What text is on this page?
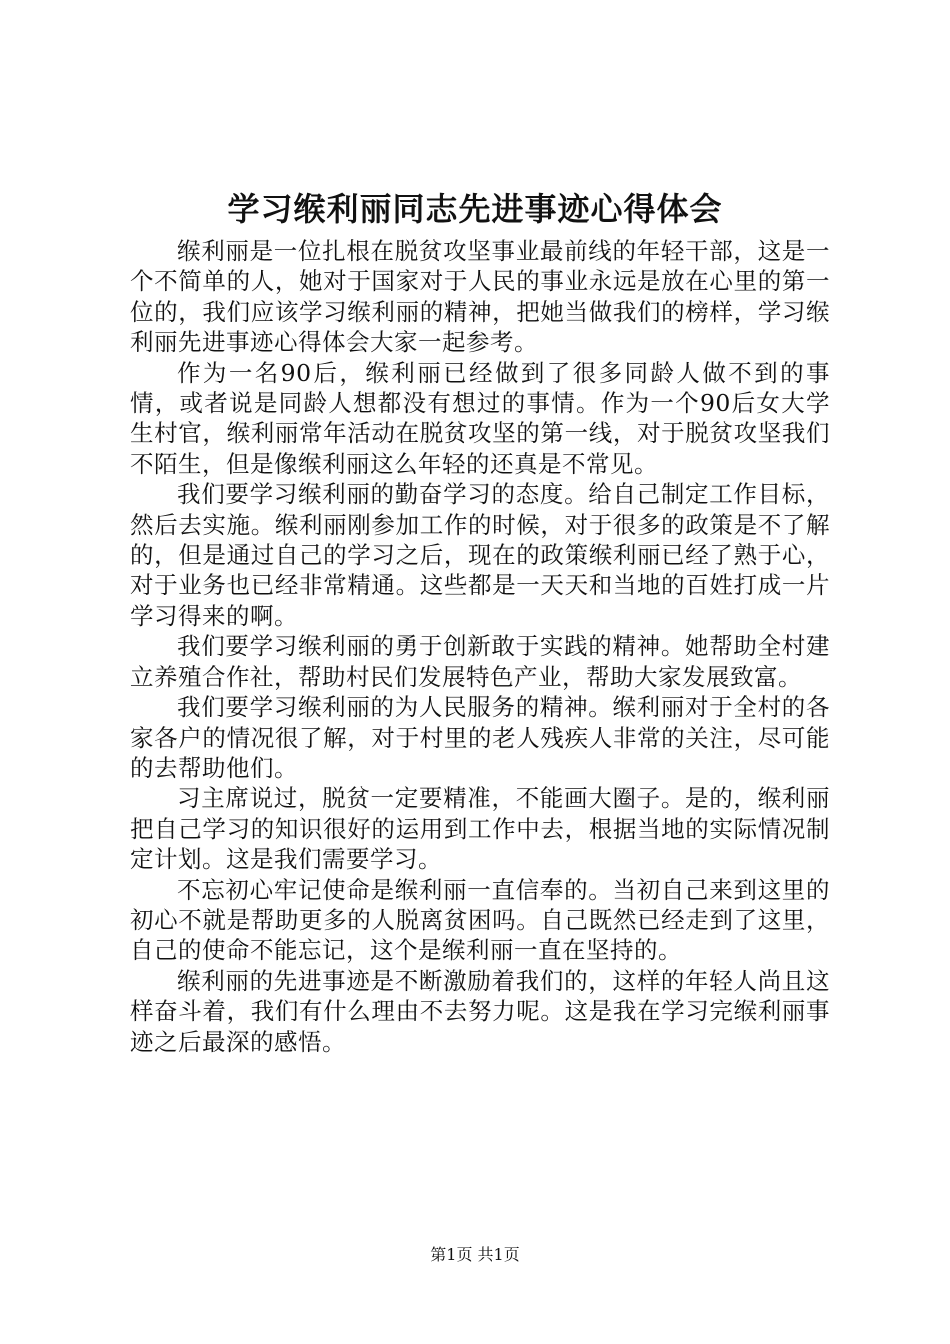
学习缑利丽同志先进事迹心得体会

缑利丽是一位扎根在脱贫攻坚事业最前线的年轻干部，这是一个不简单的人，她对于国家对于人民的事业永远是放在心里的第一位的，我们应该学习缑利丽的精神，把她当做我们的榜样，学习缑利丽先进事迹心得体会大家一起参考。

作为一名90后，缑利丽已经做到了很多同龄人做不到的事情，或者说是同龄人想都没有想过的事情。作为一个90后女大学生村官，缑利丽常年活动在脱贫攻坚的第一线，对于脱贫攻坚我们不陌生，但是像缑利丽这么年轻的还真是不常见。

我们要学习缑利丽的勤奋学习的态度。给自己制定工作目标，然后去实施。缑利丽刚参加工作的时候，对于很多的政策是不了解的，但是通过自己的学习之后，现在的政策缑利丽已经了熟于心，对于业务也已经非常精通。这些都是一天天和当地的百姓打成一片学习得来的啊。

我们要学习缑利丽的勇于创新敢于实践的精神。她帮助全村建立养殖合作社，帮助村民们发展特色产业，帮助大家发展致富。

我们要学习缑利丽的为人民服务的精神。缑利丽对于全村的各家各户的情况很了解，对于村里的老人残疾人非常的关注，尽可能的去帮助他们。

习主席说过，脱贫一定要精准，不能画大圈子。是的，缑利丽把自己学习的知识很好的运用到工作中去，根据当地的实际情况制定计划。这是我们需要学习。

不忘初心牢记使命是缑利丽一直信奉的。当初自己来到这里的初心不就是帮助更多的人脱离贫困吗。自己既然已经走到了这里，自己的使命不能忘记，这个是缑利丽一直在坚持的。

缑利丽的先进事迹是不断激励着我们的，这样的年轻人尚且这样奋斗着，我们有什么理由不去努力呢。这是我在学习完缑利丽事迹之后最深的感悟。

第1页 共1页
